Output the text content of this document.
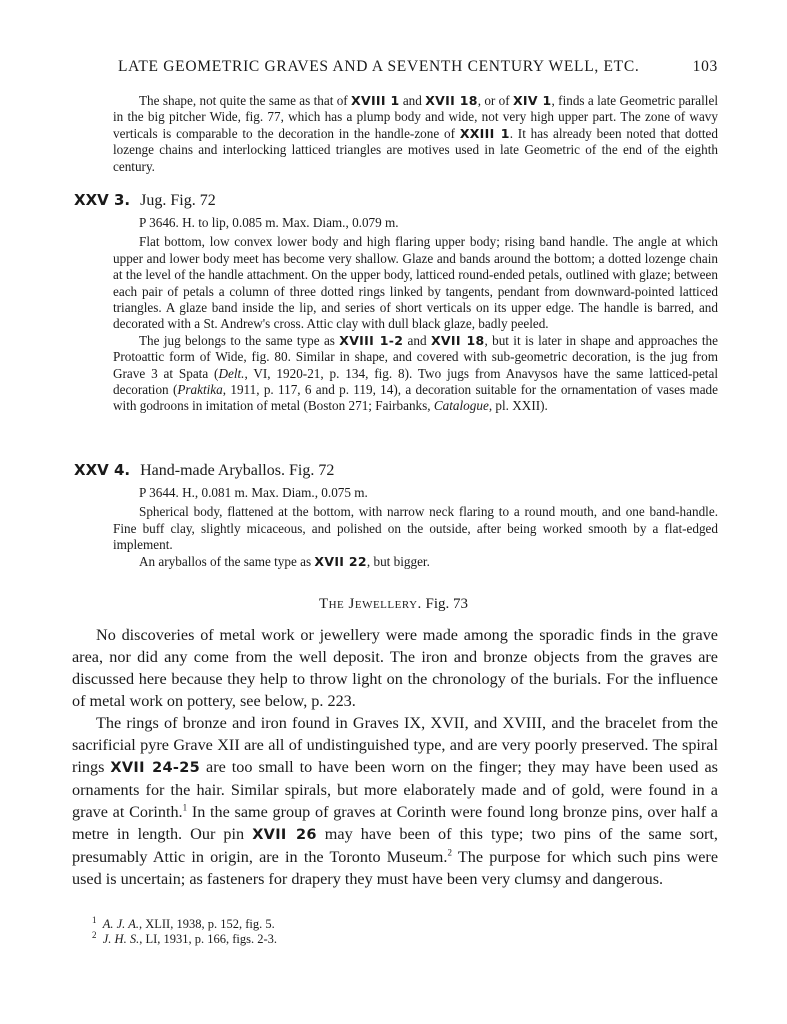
LATE GEOMETRIC GRAVES AND A SEVENTH CENTURY WELL, ETC.	103

The shape, not quite the same as that of XVIII 1 and XVII 18, or of XIV 1, finds a late Geometric parallel in the big pitcher Wide, fig. 77, which has a plump body and wide, not very high upper part. The zone of wavy verticals is comparable to the decoration in the handle-zone of XXIII 1. It has already been noted that dotted lozenge chains and interlocking latticed triangles are motives used in late Geometric of the end of the eighth century.

XXV 3. Jug. Fig. 72

P 3646. H. to lip, 0.085 m. Max. Diam., 0.079 m.

Flat bottom, low convex lower body and high flaring upper body; rising band handle. The angle at which upper and lower body meet has become very shallow. Glaze and bands around the bottom; a dotted lozenge chain at the level of the handle attachment. On the upper body, latticed round-ended petals, outlined with glaze; between each pair of petals a column of three dotted rings linked by tangents, pendant from downward-pointed latticed triangles. A glaze band inside the lip, and series of short verticals on its upper edge. The handle is barred, and decorated with a St. Andrew's cross. Attic clay with dull black glaze, badly peeled.

The jug belongs to the same type as XVIII 1-2 and XVII 18, but it is later in shape and approaches the Protoattic form of Wide, fig. 80. Similar in shape, and covered with sub-geometric decoration, is the jug from Grave 3 at Spata (Delt., VI, 1920-21, p. 134, fig. 8). Two jugs from Anavysos have the same latticed-petal decoration (Praktika, 1911, p. 117, 6 and p. 119, 14), a decoration suitable for the ornamentation of vases made with godroons in imitation of metal (Boston 271; Fairbanks, Catalogue, pl. XXII).

XXV 4. Hand-made Aryballos. Fig. 72

P 3644. H., 0.081 m. Max. Diam., 0.075 m.

Spherical body, flattened at the bottom, with narrow neck flaring to a round mouth, and one band-handle. Fine buff clay, slightly micaceous, and polished on the outside, after being worked smooth by a flat-edged implement.

An aryballos of the same type as XVII 22, but bigger.

The Jewellery. Fig. 73

No discoveries of metal work or jewellery were made among the sporadic finds in the grave area, nor did any come from the well deposit. The iron and bronze objects from the graves are discussed here because they help to throw light on the chronology of the burials. For the influence of metal work on pottery, see below, p. 223.

The rings of bronze and iron found in Graves IX, XVII, and XVIII, and the bracelet from the sacrificial pyre Grave XII are all of undistinguished type, and are very poorly preserved. The spiral rings XVII 24-25 are too small to have been worn on the finger; they may have been used as ornaments for the hair. Similar spirals, but more elaborately made and of gold, were found in a grave at Corinth.$^1$ In the same group of graves at Corinth were found long bronze pins, over half a metre in length. Our pin XVII 26 may have been of this type; two pins of the same sort, presumably Attic in origin, are in the Toronto Museum.$^2$ The purpose for which such pins were used is uncertain; as fasteners for drapery they must have been very clumsy and dangerous.

$^1$ A. J. A., XLII, 1938, p. 152, fig. 5.
$^2$ J. H. S., LI, 1931, p. 166, figs. 2-3.
